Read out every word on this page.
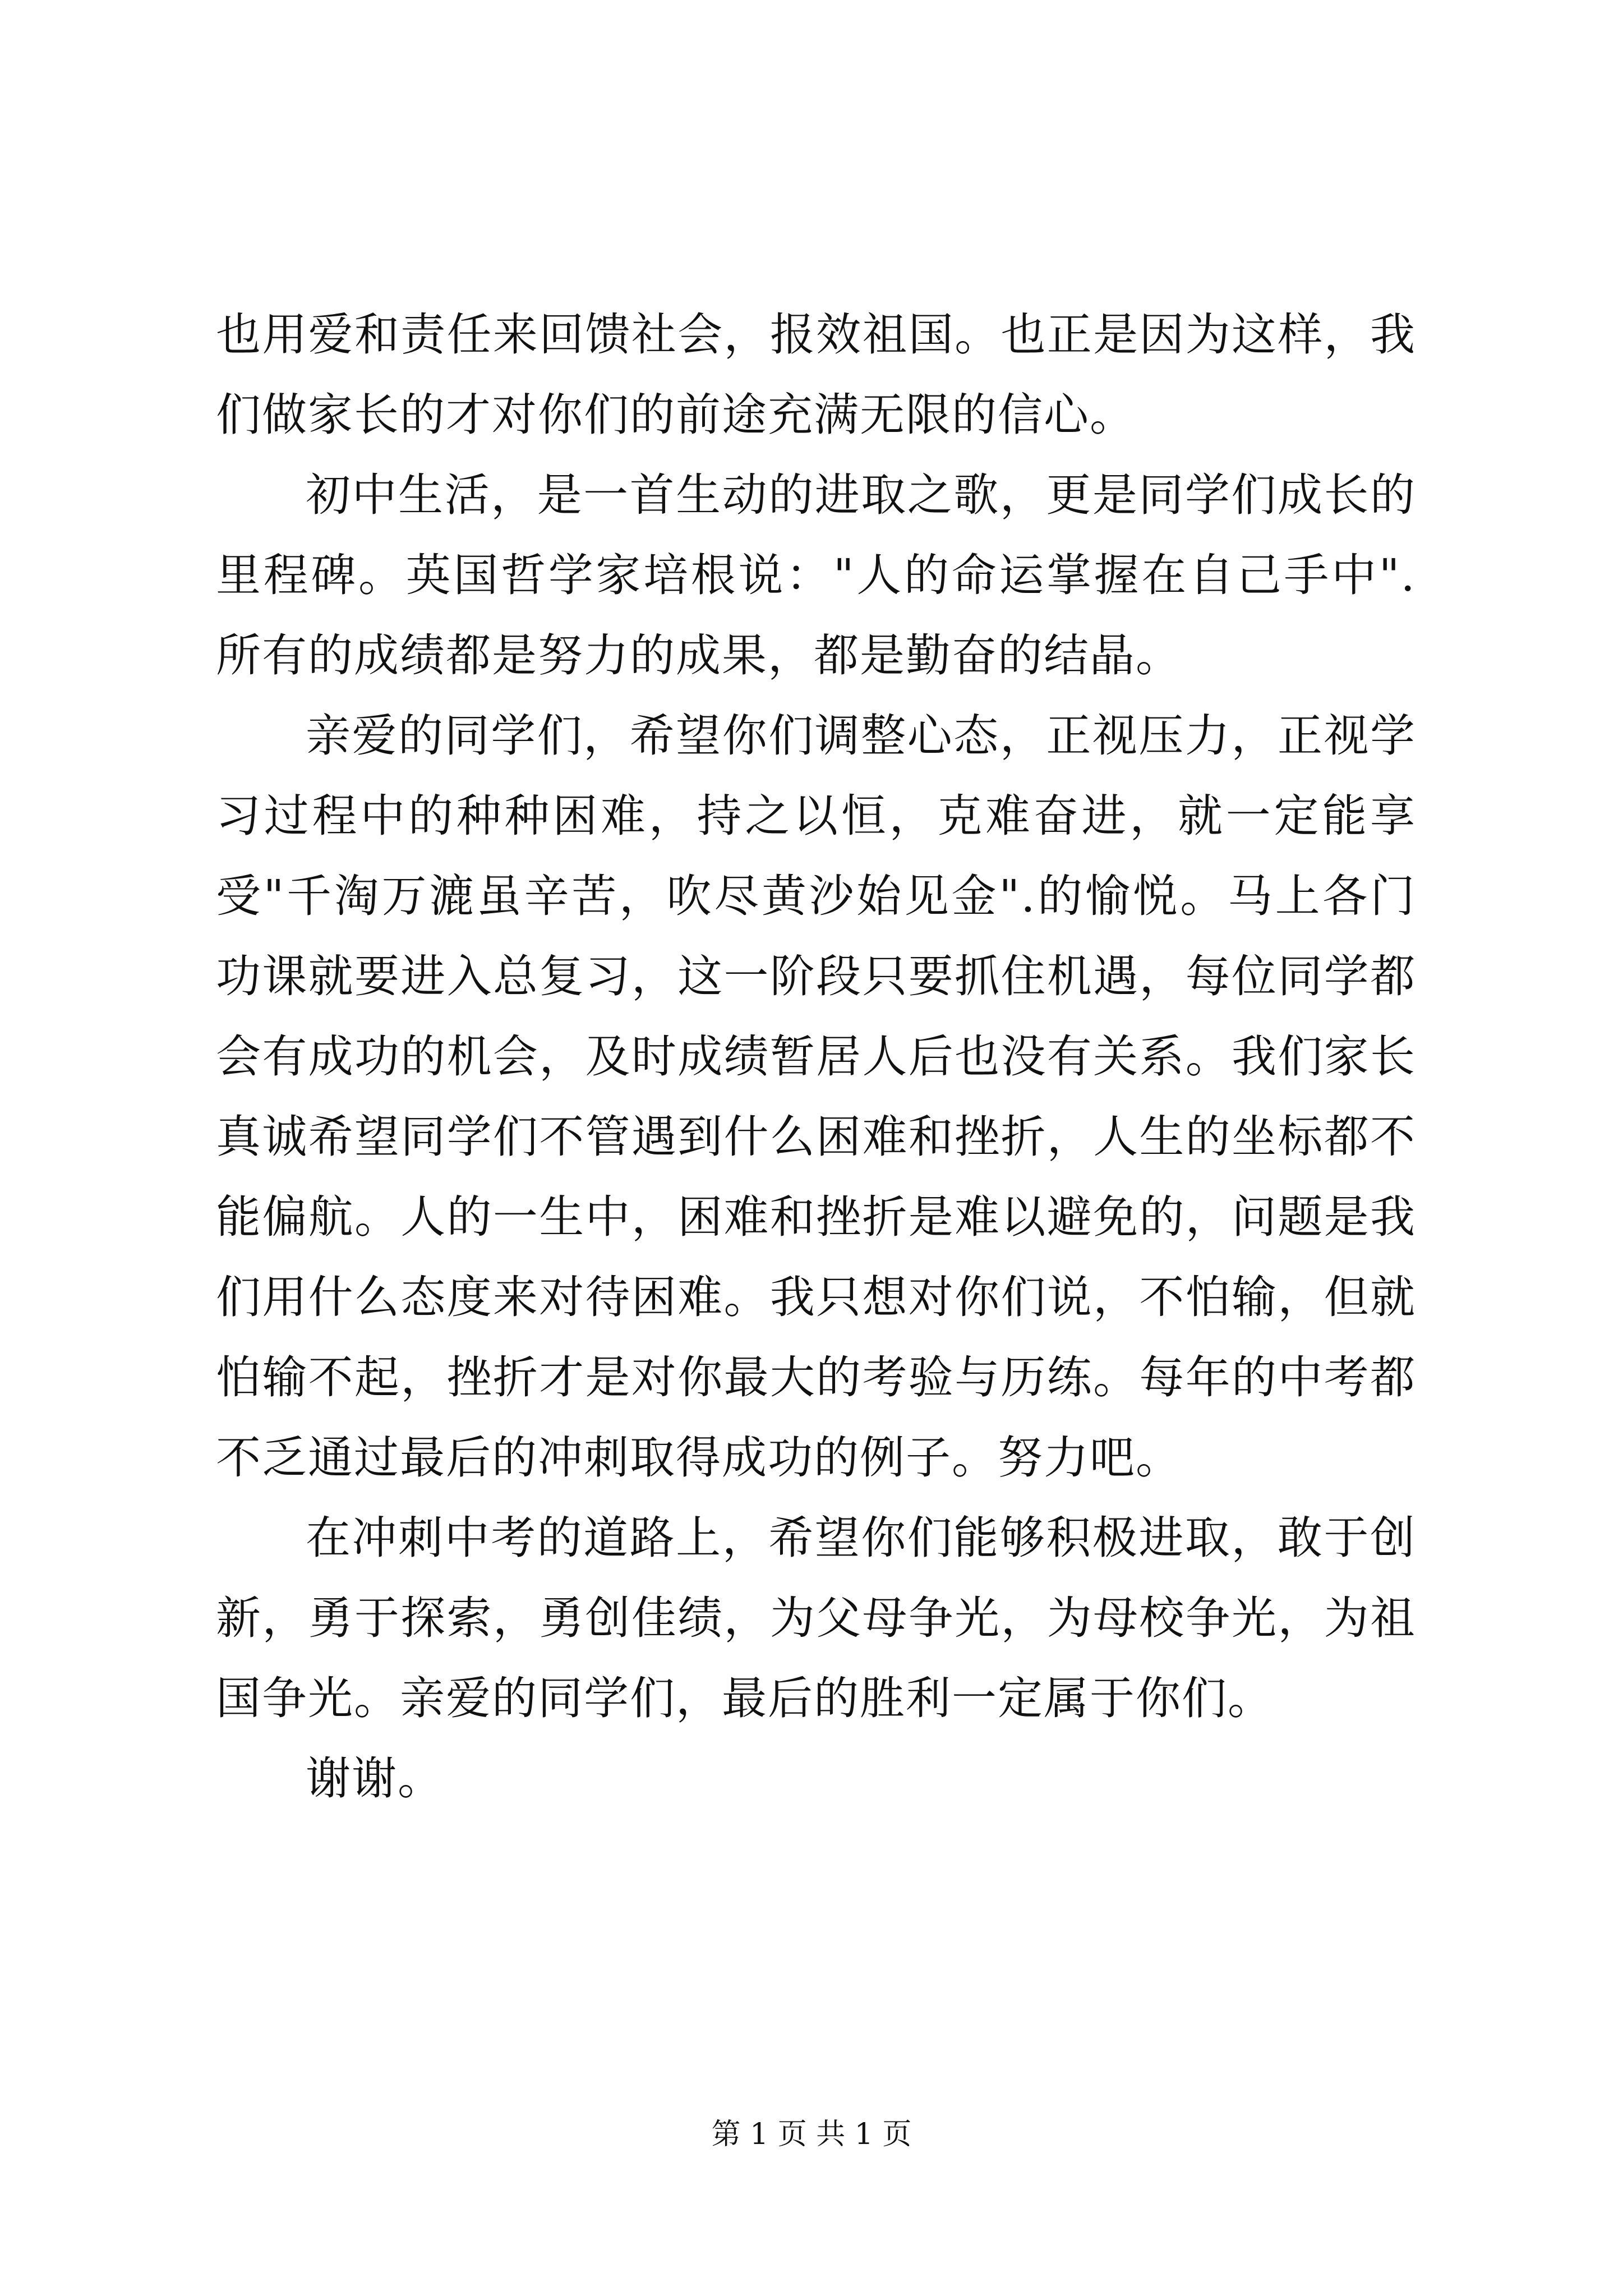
也用爱和责任来回馈社会，报效祖国。也正是因为这样，我们做家长的才对你们的前途充满无限的信心。

初中生活，是一首生动的进取之歌，更是同学们成长的里程碑。英国哲学家培根说："人的命运掌握在自己手中".所有的成绩都是努力的成果，都是勤奋的结晶。

亲爱的同学们，希望你们调整心态，正视压力，正视学习过程中的种种困难，持之以恒，克难奋进，就一定能享受"千淘万漉虽辛苦，吹尽黄沙始见金".的愉悦。马上各门功课就要进入总复习，这一阶段只要抓住机遇，每位同学都会有成功的机会，及时成绩暂居人后也没有关系。我们家长真诚希望同学们不管遇到什么困难和挫折，人生的坐标都不能偏航。人的一生中，困难和挫折是难以避免的，问题是我们用什么态度来对待困难。我只想对你们说，不怕输，但就怕输不起，挫折才是对你最大的考验与历练。每年的中考都不乏通过最后的冲刺取得成功的例子。努力吧。

在冲刺中考的道路上，希望你们能够积极进取，敢于创新，勇于探索，勇创佳绩，为父母争光，为母校争光，为祖国争光。亲爱的同学们，最后的胜利一定属于你们。

谢谢。

第 1 页 共 1 页
